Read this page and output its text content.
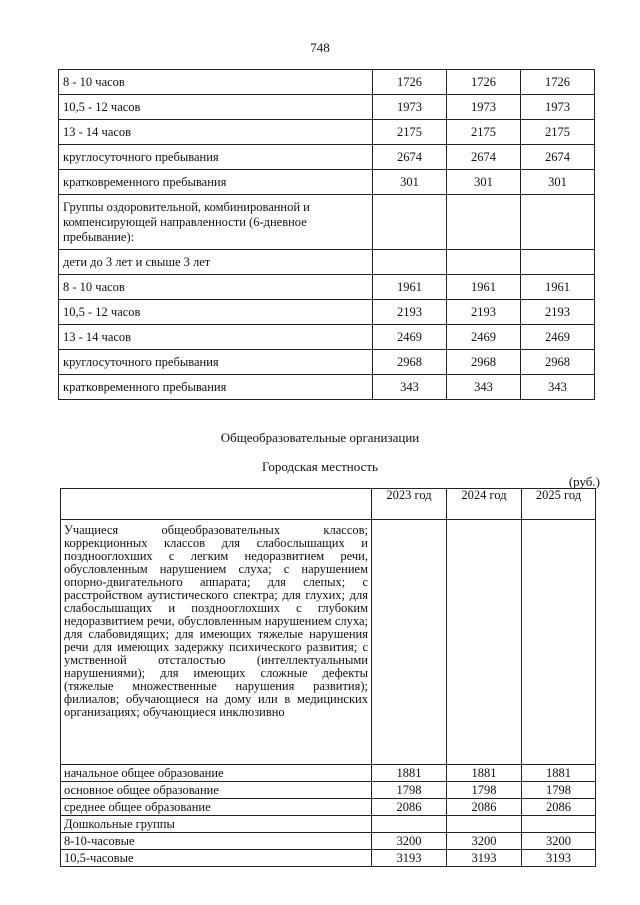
748
8 - 10 часов	1726	1726	1726
10,5 - 12 часов	1973	1973	1973
13 - 14 часов	2175	2175	2175
круглосуточного пребывания	2674	2674	2674
кратковременного пребывания	301	301	301
Группы оздоровительной, комбинированной и компенсирующей направленности (6-дневное пребывание):			
дети до 3 лет и свыше 3 лет			
8 - 10 часов	1961	1961	1961
10,5 - 12 часов	2193	2193	2193
13 - 14 часов	2469	2469	2469
круглосуточного пребывания	2968	2968	2968
кратковременного пребывания	343	343	343
Общеобразовательные организации
Городская местность
(руб.)
	2023 год	2024 год	2025 год
Учащиеся общеобразовательных классов; коррекционных классов для слабослышащих и позднооглохших с легким недоразвитием речи, обусловленным нарушением слуха; с нарушением опорно-двигательного аппарата; для слепых; с расстройством аутистического спектра; для глухих; для слабослышащих и позднооглохших с глубоким недоразвитием речи, обусловленным нарушением слуха; для слабовидящих; для имеющих тяжелые нарушения речи для имеющих задержку психического развития; с умственной отсталостью (интеллектуальными нарушениями); для имеющих сложные дефекты (тяжелые множественные нарушения развития); филиалов; обучающиеся на дому или в медицинских организациях; обучающиеся инклюзивно			
начальное общее образование	1881	1881	1881
основное общее образование	1798	1798	1798
среднее общее образование	2086	2086	2086
Дошкольные группы			
8-10-часовые	3200	3200	3200
10,5-часовые	3193	3193	3193
